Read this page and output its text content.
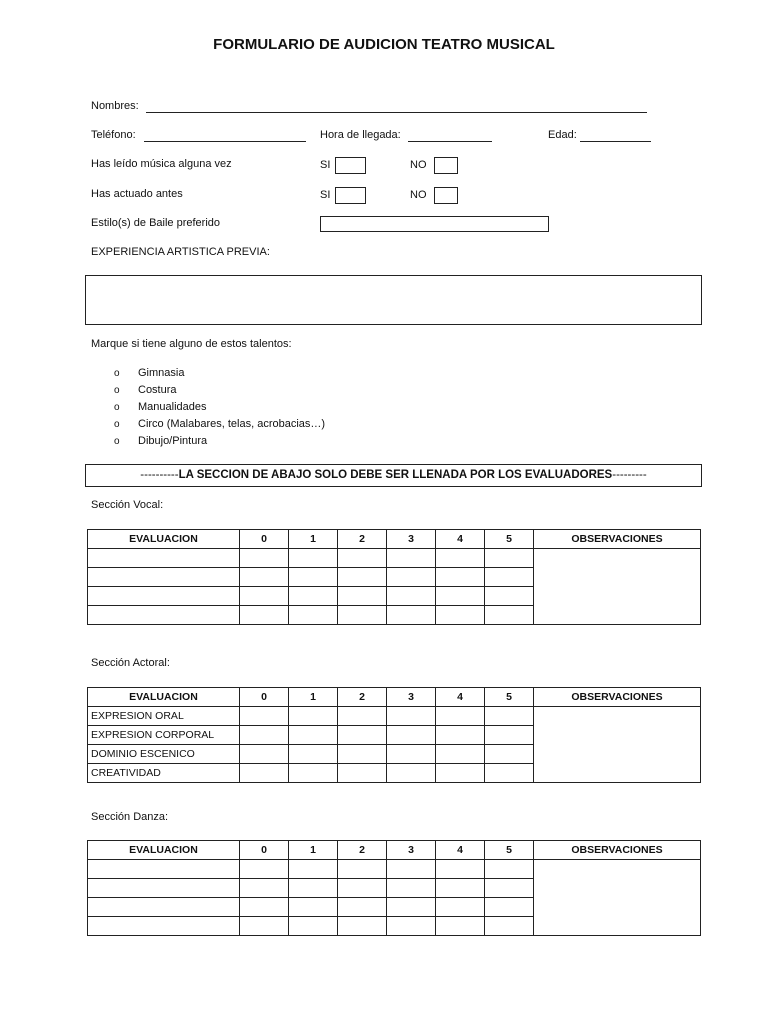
FORMULARIO DE AUDICION TEATRO MUSICAL
Nombres:
Teléfono:	Hora de llegada:	Edad:
Has leído música alguna vez	SI	NO
Has actuado antes	SI	NO
Estilo(s) de Baile preferido
EXPERIENCIA ARTISTICA PREVIA:
Marque si tiene alguno de estos talentos:
o	Gimnasia
o	Costura
o	Manualidades
o	Circo (Malabares, telas, acrobacias…)
o	Dibujo/Pintura
----------LA SECCION DE ABAJO SOLO DEBE SER LLENADA POR LOS EVALUADORES---------
Sección Vocal:
EVALUACION	0	1	2	3	4	5	OBSERVACIONES

Sección Actoral:
EVALUACION	0	1	2	3	4	5	OBSERVACIONES
EXPRESION ORAL							
EXPRESION CORPORAL							
DOMINIO ESCENICO							
CREATIVIDAD							
Sección Danza:
EVALUACION	0	1	2	3	4	5	OBSERVACIONES
